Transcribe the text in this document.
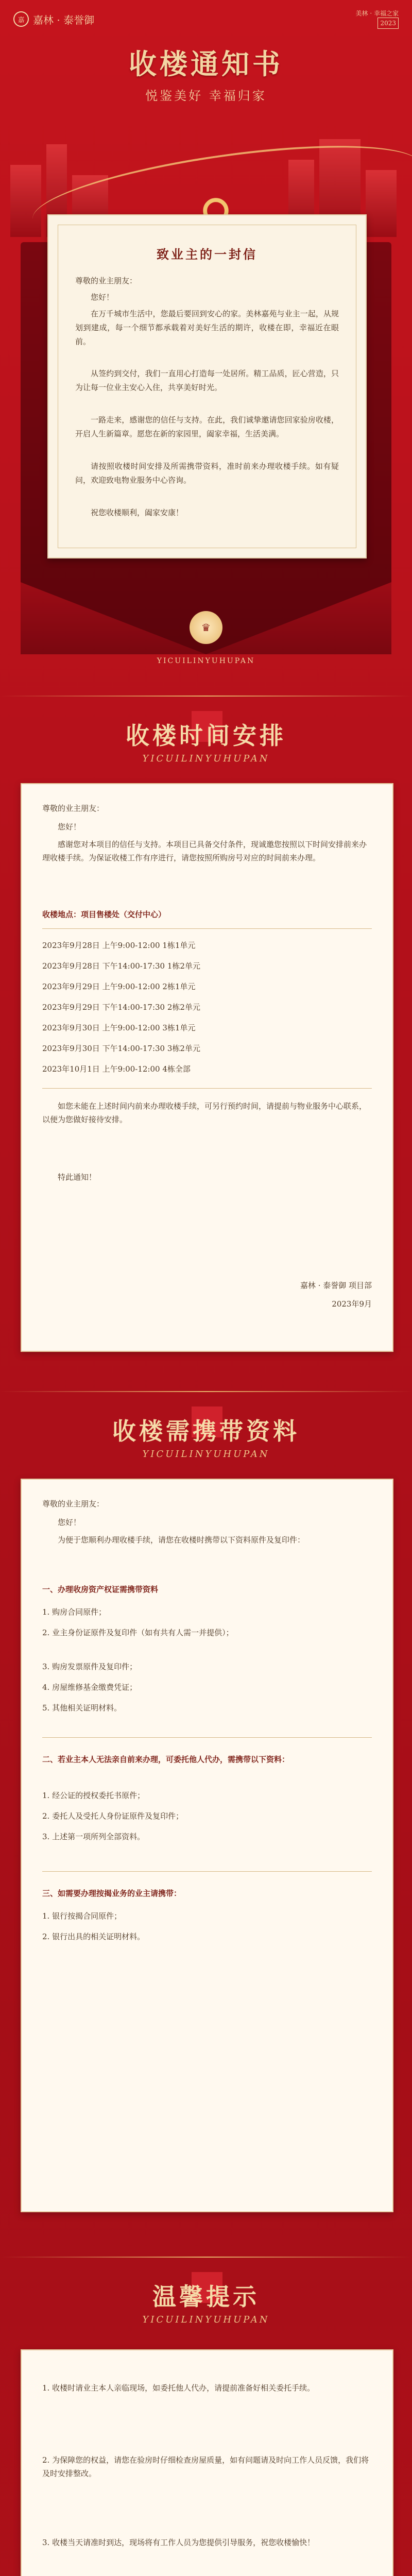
嘉 嘉林 · 泰誉御
美林 · 幸福之家
2023
收楼通知书
悦鉴美好 幸福归家
致业主的一封信
尊敬的业主朋友：
您好！
在万千城市生活中，您最后要回到安心的家。美林嘉苑与业主一起，从规划到建成，每一个细节都承载着对美好生活的期许，收楼在即，幸福近在眼前。
从签约到交付，我们一直用心打造每一处居所。精工品质，匠心营造，只为让每一位业主安心入住，共享美好时光。
一路走来，感谢您的信任与支持。在此，我们诚挚邀请您回家验房收楼，开启人生新篇章。愿您在新的家园里，阖家幸福，生活美满。
请按照收楼时间安排及所需携带资料，准时前来办理收楼手续。如有疑问，欢迎致电物业服务中心咨询。
祝您收楼顺利，阖家安康！
♛
YICUILINYUHUPAN
收楼时间安排
YICUILINYUHUPAN
尊敬的业主朋友：
您好！
感谢您对本项目的信任与支持。本项目已具备交付条件，现诚邀您按照以下时间安排前来办理收楼手续。为保证收楼工作有序进行，请您按照所购房号对应的时间前来办理。
收楼地点：项目售楼处（交付中心）
2023年9月28日 上午9:00-12:00 1栋1单元
2023年9月28日 下午14:00-17:30 1栋2单元
2023年9月29日 上午9:00-12:00 2栋1单元
2023年9月29日 下午14:00-17:30 2栋2单元
2023年9月30日 上午9:00-12:00 3栋1单元
2023年9月30日 下午14:00-17:30 3栋2单元
2023年10月1日 上午9:00-12:00 4栋全部
如您未能在上述时间内前来办理收楼手续，可另行预约时间，请提前与物业服务中心联系，以便为您做好接待安排。
特此通知！
嘉林 · 泰誉御 项目部
2023年9月
收楼需携带资料
YICUILINYUHUPAN
尊敬的业主朋友：
您好！
为便于您顺利办理收楼手续，请您在收楼时携带以下资料原件及复印件：
一、办理收房资产权证需携带资料
1. 购房合同原件；
2. 业主身份证原件及复印件（如有共有人需一并提供）；
3. 购房发票原件及复印件；
4. 房屋维修基金缴费凭证；
5. 其他相关证明材料。
二、若业主本人无法亲自前来办理，可委托他人代办，需携带以下资料：
1. 经公证的授权委托书原件；
2. 委托人及受托人身份证原件及复印件；
3. 上述第一项所列全部资料。
三、如需要办理按揭业务的业主请携带：
1. 银行按揭合同原件；
2. 银行出具的相关证明材料。
温馨提示
YICUILINYUHUPAN
1. 收楼时请业主本人亲临现场，如委托他人代办，请提前准备好相关委托手续。
2. 为保障您的权益，请您在验房时仔细检查房屋质量，如有问题请及时向工作人员反馈，我们将及时安排整改。
3. 收楼当天请准时到达，现场将有工作人员为您提供引导服务，祝您收楼愉快！
